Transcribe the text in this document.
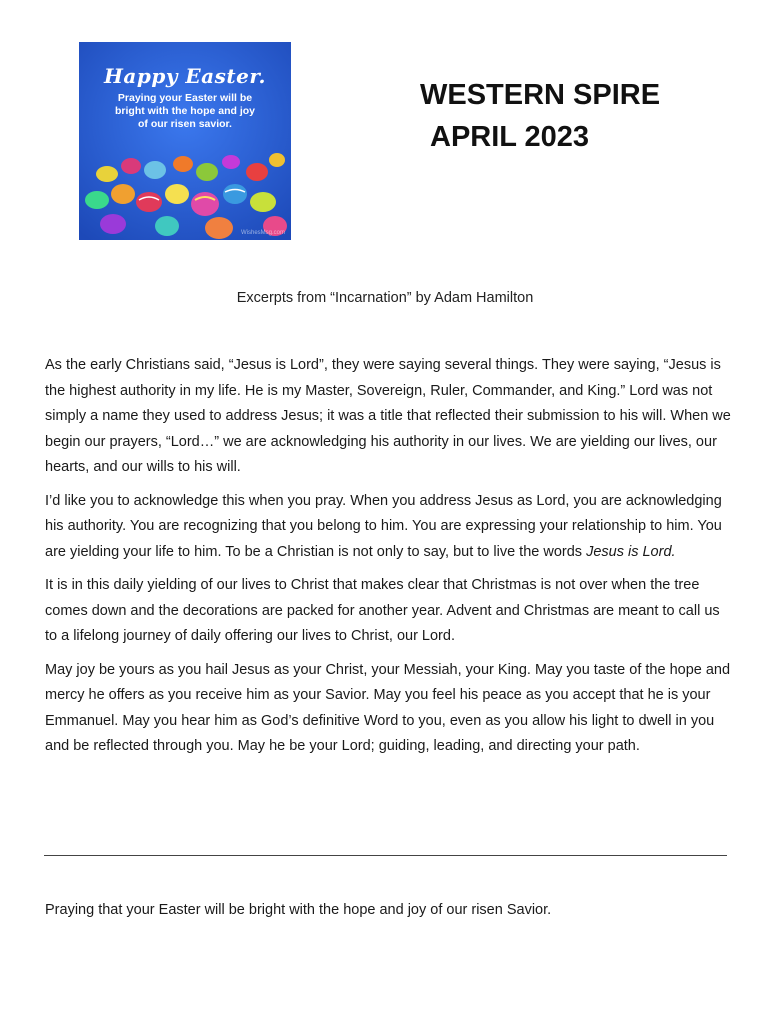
Happy Easter.
Praying your Easter will be
bright with the hope and joy
of our risen savior.
WishesMsg.com
WESTERN SPIRE
APRIL 2023
Excerpts from “Incarnation” by Adam Hamilton

As the early Christians said, “Jesus is Lord”, they were saying several things. They were saying, “Jesus is the highest authority in my life. He is my Master, Sovereign, Ruler, Commander, and King.” Lord was not simply a name they used to address Jesus; it was a title that reflected their submission to his will. When we begin our prayers, “Lord…” we are acknowledging his authority in our lives. We are yielding our lives, our hearts, and our wills to his will.

I’d like you to acknowledge this when you pray. When you address Jesus as Lord, you are acknowledging his authority. You are recognizing that you belong to him. You are expressing your relationship to him. You are yielding your life to him. To be a Christian is not only to say, but to live the words Jesus is Lord.

It is in this daily yielding of our lives to Christ that makes clear that Christmas is not over when the tree comes down and the decorations are packed for another year. Advent and Christmas are meant to call us to a lifelong journey of daily offering our lives to Christ, our Lord.

May joy be yours as you hail Jesus as your Christ, your Messiah, your King. May you taste of the hope and mercy he offers as you receive him as your Savior. May you feel his peace as you accept that he is your Emmanuel. May you hear him as God’s definitive Word to you, even as you allow his light to dwell in you and be reflected through you. May he be your Lord; guiding, leading, and directing your path.

Praying that your Easter will be bright with the hope and joy of our risen Savior.
